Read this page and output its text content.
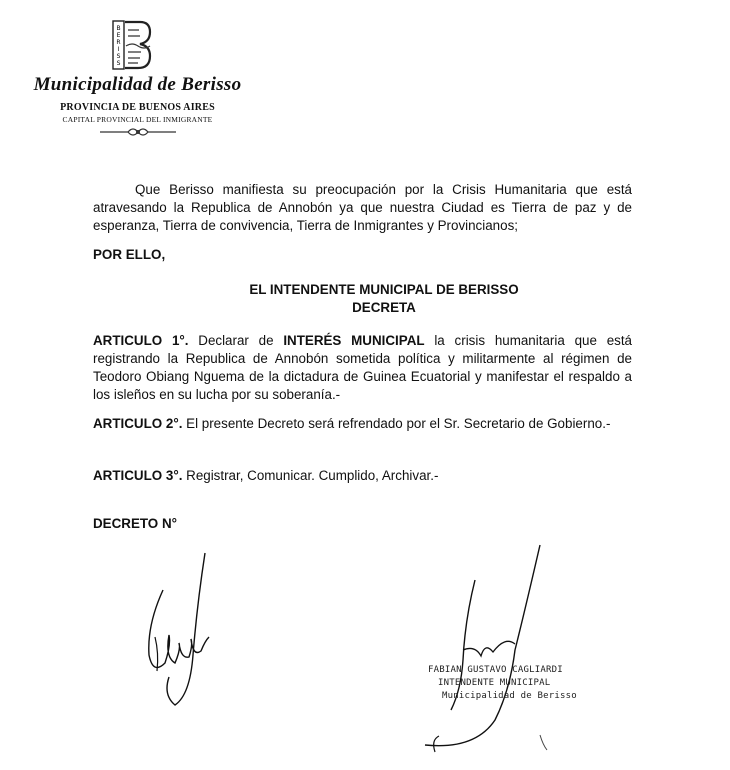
B
E
R
I
S
S
Municipalidad de Berisso
PROVINCIA DE BUENOS AIRES
CAPITAL PROVINCIAL DEL INMIGRANTE
Que Berisso manifiesta su preocupación por la Crisis Humanitaria que está atravesando la Republica de Annobón ya que nuestra Ciudad es Tierra de paz y de esperanza, Tierra de convivencia, Tierra de Inmigrantes y Provincianos;
POR ELLO,
EL INTENDENTE MUNICIPAL DE BERISSO
DECRETA
ARTICULO 1°. Declarar de INTERÉS MUNICIPAL la crisis humanitaria que está registrando la Republica de Annobón sometida política y militarmente al régimen de Teodoro Obiang Nguema de la dictadura de Guinea Ecuatorial y manifestar el respaldo a los isleños en su lucha por su soberanía.-
ARTICULO 2°. El presente Decreto será refrendado por el Sr. Secretario de Gobierno.-
ARTICULO 3°. Registrar, Comunicar. Cumplido, Archivar.-
DECRETO N°
FABIAN GUSTAVO CAGLIARDI
INTENDENTE MUNICIPAL
Municipalidad de Berisso
